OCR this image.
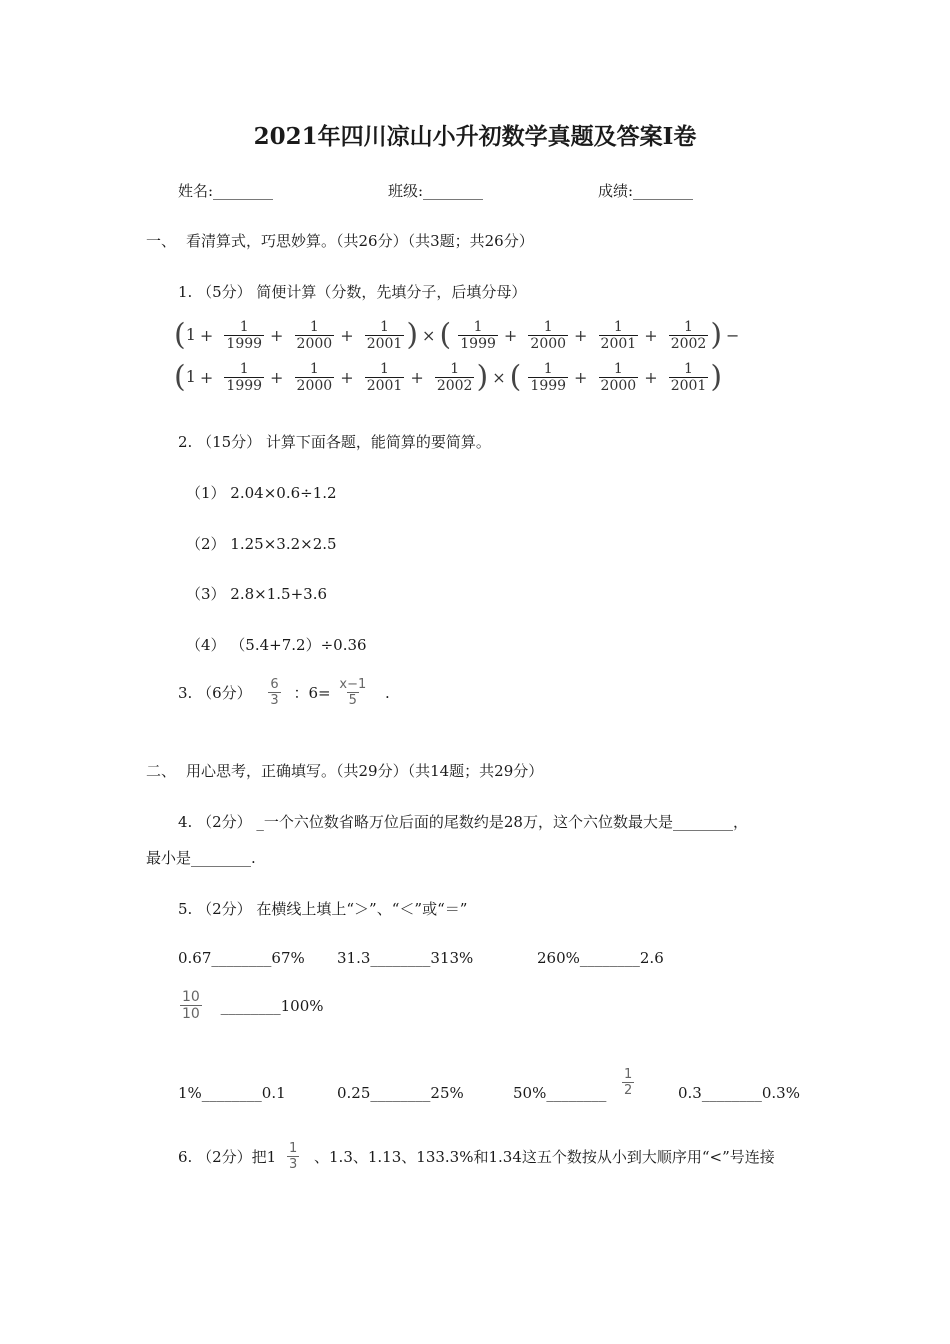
2021年四川凉山小升初数学真题及答案Ⅰ卷
姓名:________	班级:________	成绩:________
一、 看清算式，巧思妙算。（共26分）（共3题；共26分）
1. （5分） 简便计算（分数，先填分子，后填分母）
($1 + \frac{1}{1999} + \frac{1}{2000} + \frac{1}{2001}$ ) × ( $\frac{1}{1999} + \frac{1}{2000} + \frac{1}{2001} + \frac{1}{2002}$ ) −
($1 + \frac{1}{1999} + \frac{1}{2000} + \frac{1}{2001} + \frac{1}{2002}$ ) × ( $\frac{1}{1999} + \frac{1}{2000} + \frac{1}{2001}$ )
2. （15分） 计算下面各题，能简算的要简算。
（1） 2.04×0.6÷1.2
（2） 1.25×3.2×2.5
（3） 2.8×1.5+3.6
（4） （5.4+7.2）÷0.36
3. （6分） $\frac{6}{3}$ ：$6= \frac{x-1}{5}$ .
二、 用心思考，正确填写。（共29分）（共14题；共29分）
4. （2分） _一个六位数省略万位后面的尾数约是28万，这个六位数最大是________，
最小是________.
5. （2分） 在横线上填上“＞”、“＜”或“＝”
0.67________67% 31.3________313%	260%________2.6
$\frac{10}{10}$ ________100%
1%________0.1	0.25________25%	50%________ $\frac{1}{2}$	0.3________0.3%
6. （2分）把$1 \frac{1}{3}$ 、1.3、1.13、133.3%和1.34这五个数按从小到大顺序用“<”号连接
